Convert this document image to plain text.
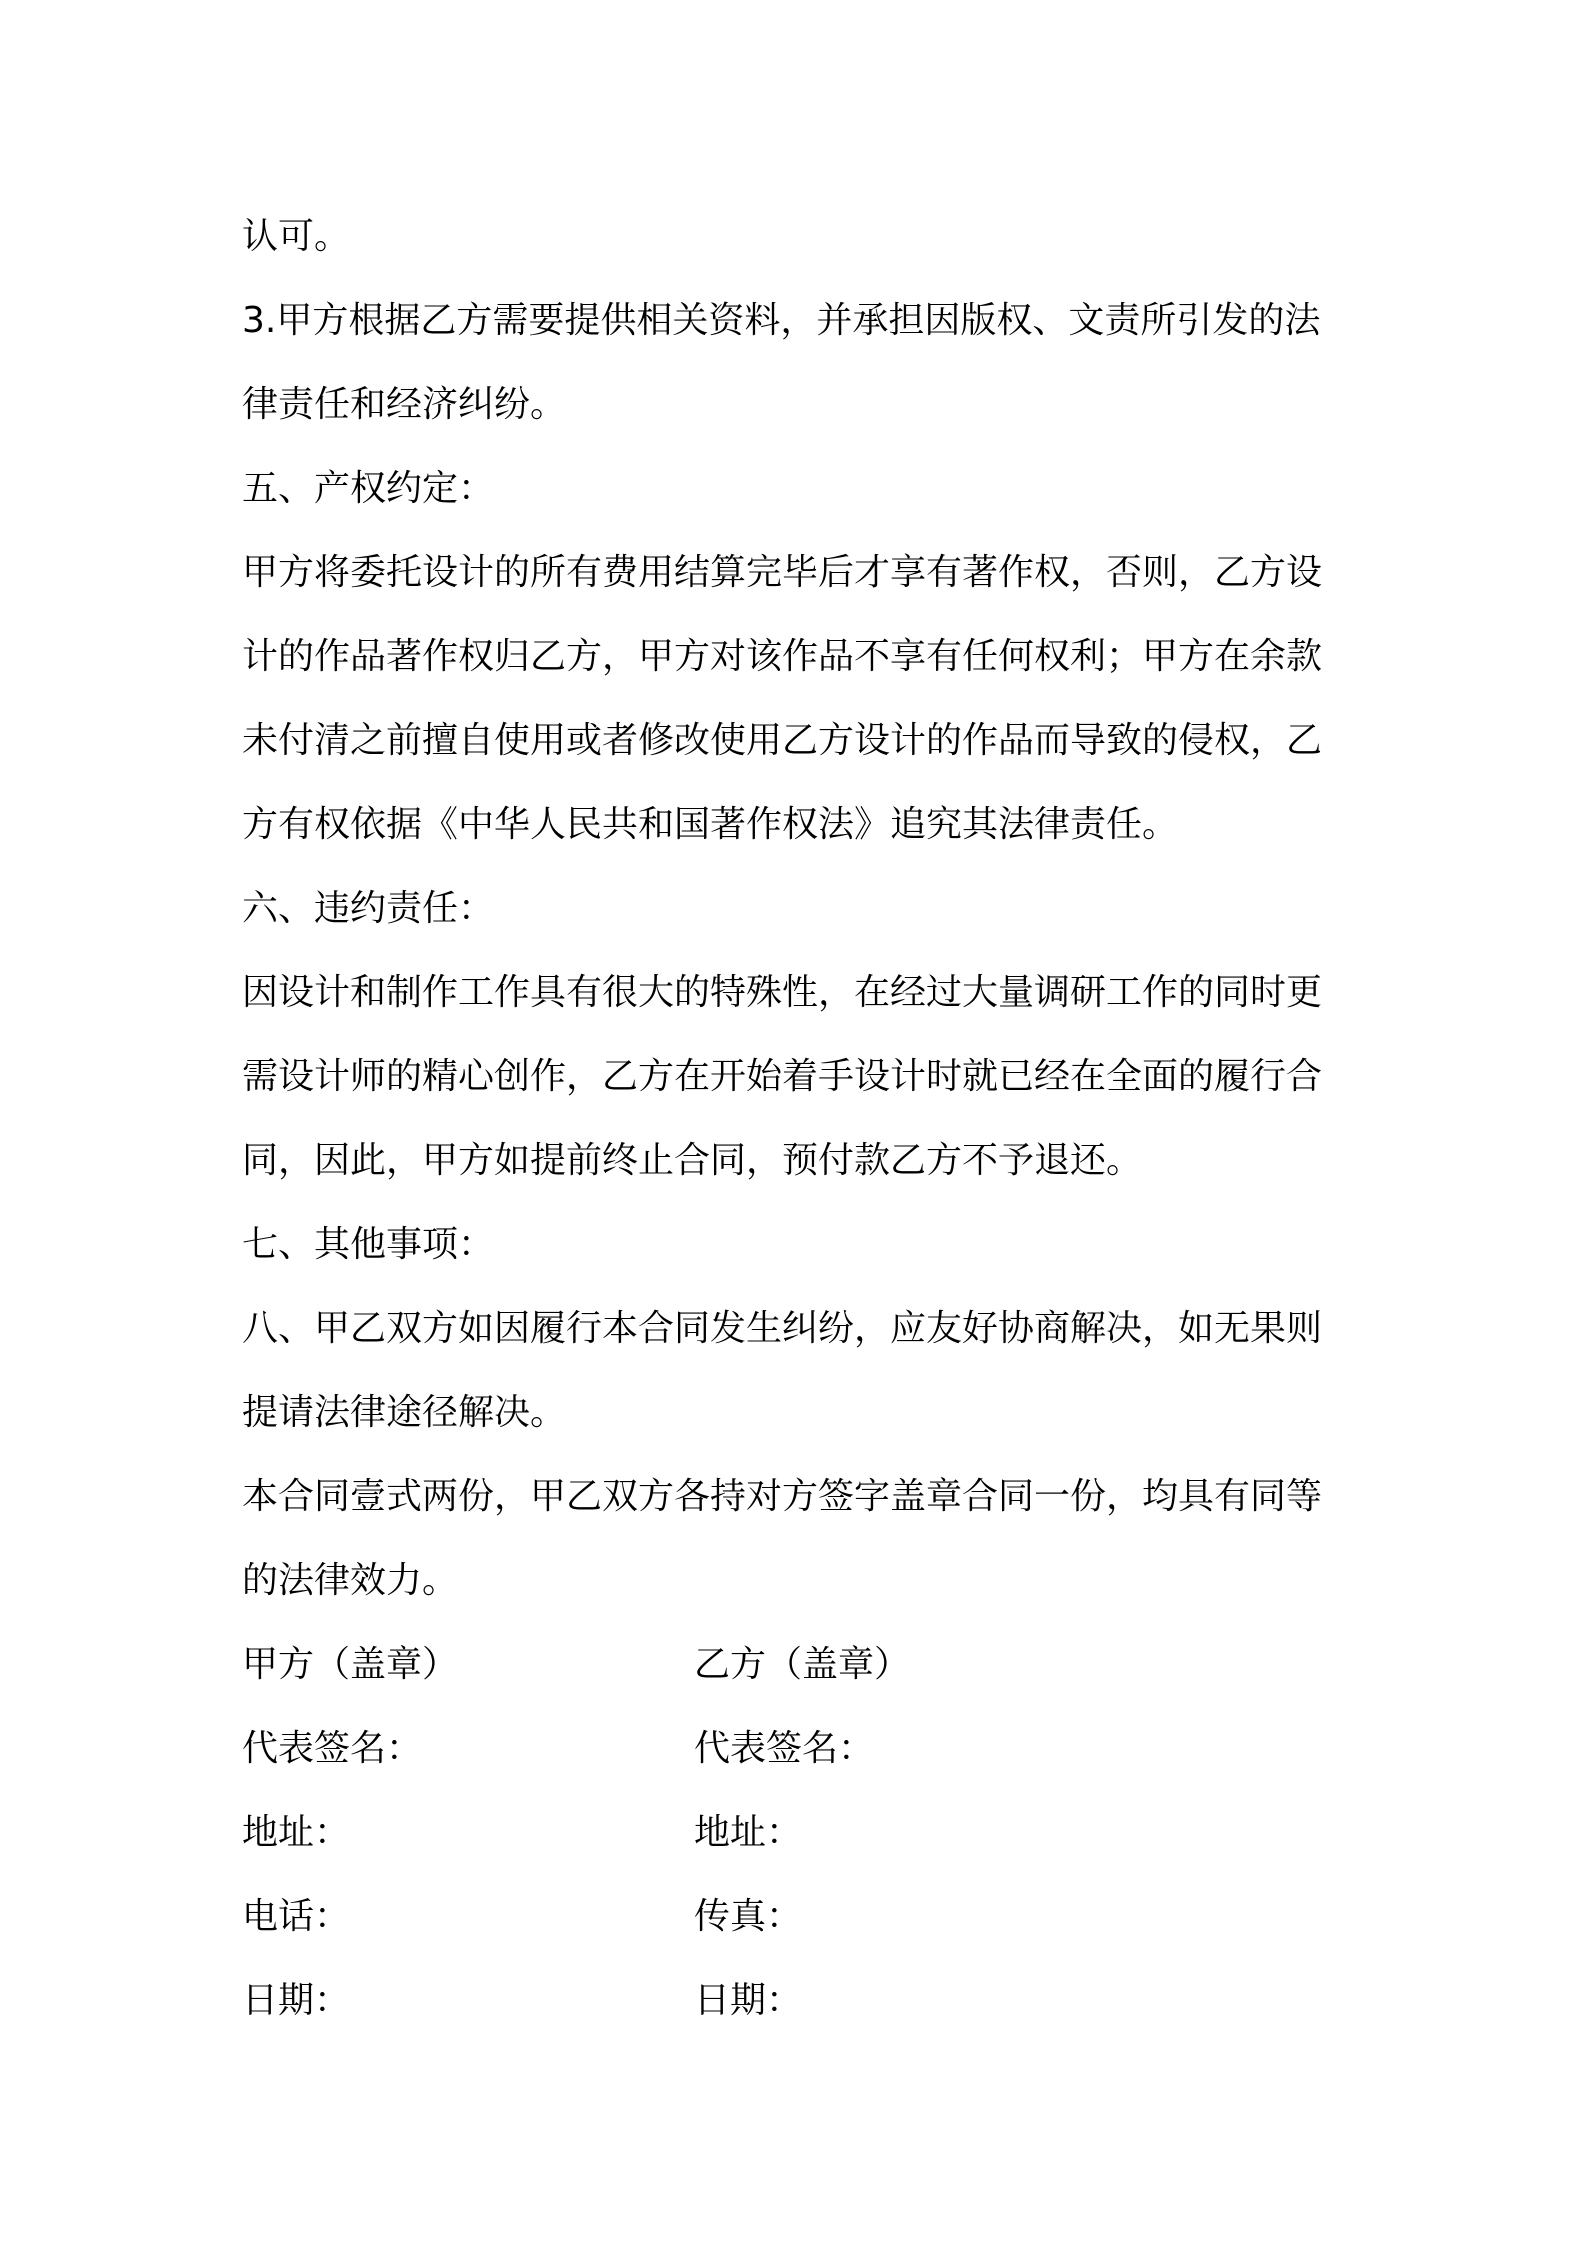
认可。
3.甲方根据乙方需要提供相关资料，并承担因版权、文责所引发的法
律责任和经济纠纷。
五、产权约定：
甲方将委托设计的所有费用结算完毕后才享有著作权，否则，乙方设
计的作品著作权归乙方，甲方对该作品不享有任何权利；甲方在余款
未付清之前擅自使用或者修改使用乙方设计的作品而导致的侵权，乙
方有权依据《中华人民共和国著作权法》追究其法律责任。
六、违约责任：
因设计和制作工作具有很大的特殊性，在经过大量调研工作的同时更
需设计师的精心创作，乙方在开始着手设计时就已经在全面的履行合
同，因此，甲方如提前终止合同，预付款乙方不予退还。
七、其他事项：
八、甲乙双方如因履行本合同发生纠纷，应友好协商解决，如无果则
提请法律途径解决。
本合同壹式两份，甲乙双方各持对方签字盖章合同一份，均具有同等
的法律效力。
甲方（盖章）	乙方（盖章）
代表签名：	代表签名：
地址：	地址：
电话：	传真：
日期：	日期：
